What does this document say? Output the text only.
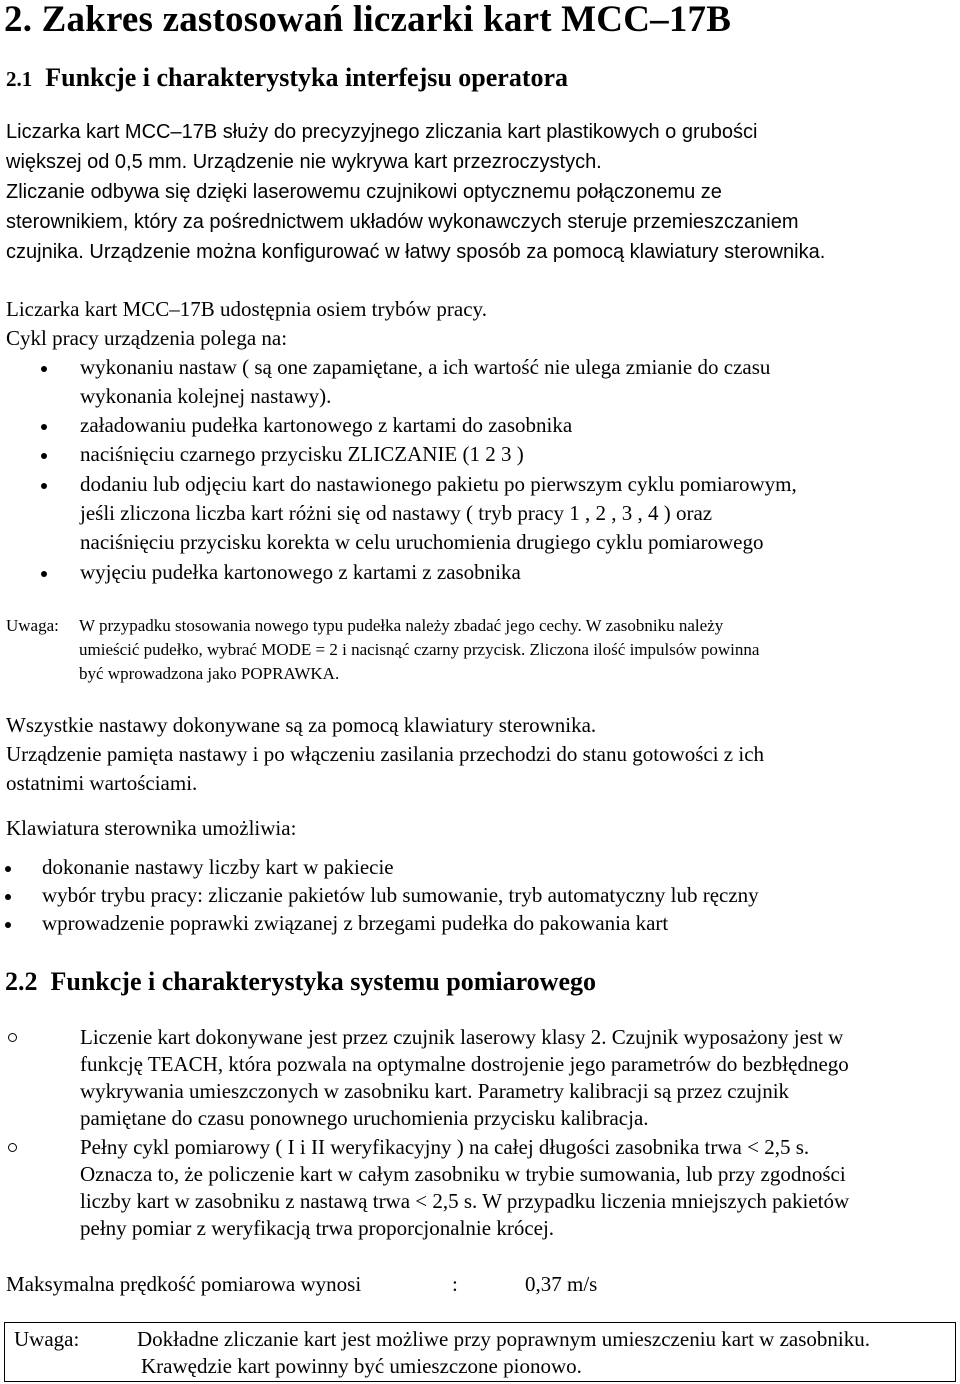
2. Zakres zastosowań liczarki kart MCC–17B
2.1 Funkcje i charakterystyka interfejsu operatora
Liczarka kart MCC–17B służy do precyzyjnego zliczania kart plastikowych o grubości
większej od 0,5 mm. Urządzenie nie wykrywa kart przezroczystych.
Zliczanie odbywa się dzięki laserowemu czujnikowi optycznemu połączonemu ze
sterownikiem, który za pośrednictwem układów wykonawczych steruje przemieszczaniem
czujnika. Urządzenie można konfigurować w łatwy sposób za pomocą klawiatury sterownika.
Liczarka kart MCC–17B udostępnia osiem trybów pracy.
Cykl pracy urządzenia polega na:
wykonaniu nastaw ( są one zapamiętane, a ich wartość nie ulega zmianie do czasu
wykonania kolejnej nastawy).
załadowaniu pudełka kartonowego z kartami do zasobnika
naciśnięciu czarnego przycisku ZLICZANIE (1 2 3 )
dodaniu lub odjęciu kart do nastawionego pakietu po pierwszym cyklu pomiarowym,
jeśli zliczona liczba kart różni się od nastawy ( tryb pracy 1 , 2 , 3 , 4 ) oraz
naciśnięciu przycisku korekta w celu uruchomienia drugiego cyklu pomiarowego
wyjęciu pudełka kartonowego z kartami z zasobnika
Uwaga: W przypadku stosowania nowego typu pudełka należy zbadać jego cechy. W zasobniku należy
umieścić pudełko, wybrać MODE = 2 i nacisnąć czarny przycisk. Zliczona ilość impulsów powinna
być wprowadzona jako POPRAWKA.
Wszystkie nastawy dokonywane są za pomocą klawiatury sterownika.
Urządzenie pamięta nastawy i po włączeniu zasilania przechodzi do stanu gotowości z ich
ostatnimi wartościami.
Klawiatura sterownika umożliwia:
dokonanie nastawy liczby kart w pakiecie
wybór trybu pracy: zliczanie pakietów lub sumowanie, tryb automatyczny lub ręczny
wprowadzenie poprawki związanej z brzegami pudełka do pakowania kart
2.2 Funkcje i charakterystyka systemu pomiarowego
Liczenie kart dokonywane jest przez czujnik laserowy klasy 2. Czujnik wyposażony jest w
funkcję TEACH, która pozwala na optymalne dostrojenie jego parametrów do bezbłędnego
wykrywania umieszczonych w zasobniku kart. Parametry kalibracji są przez czujnik
pamiętane do czasu ponownego uruchomienia przycisku kalibracja.
Pełny cykl pomiarowy ( I i II weryfikacyjny ) na całej długości zasobnika trwa < 2,5 s.
Oznacza to, że policzenie kart w całym zasobniku w trybie sumowania, lub przy zgodności
liczby kart w zasobniku z nastawą trwa < 2,5 s. W przypadku liczenia mniejszych pakietów
pełny pomiar z weryfikacją trwa proporcjonalnie krócej.
Maksymalna prędkość pomiarowa wynosi	:	0,37 m/s
Uwaga:	Dokładne zliczanie kart jest możliwe przy poprawnym umieszczeniu kart w zasobniku.
Krawędzie kart powinny być umieszczone pionowo.
